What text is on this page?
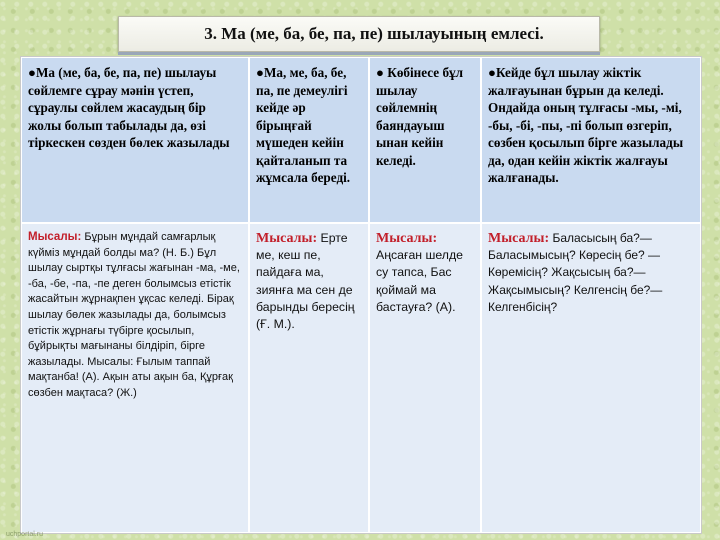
3. Ма (ме, ба, бе, па, пе) шылауының емлесі.
●Ма (ме, ба, бе, па, пе) шылауы сөйлемге сұрау мәнін үстеп, сұраулы сөйлем жасаудың бір жолы болып табылады да, өзі тіркескен сөзден бөлек жазылады
●Ма, ме, ба, бе, па, пе демеулігі кейде әр бірыңғай мүшеден кейін қайталанып та жұмсала береді.
● Көбінесе бұл шылау сөйлемнің баяндауыш ынан кейін келеді.
●Кейде бұл шылау жіктік жалғауынан бұрын да келеді. Ондайда оның тұлғасы -мы, -мі, -бы, -бі, -пы, -пі болып өзгеріп, сөзбен қосылып бірге жазылады да, одан кейін жіктік жалғауы жалғанады.
Мысалы: Бұрын мұндай самғарлық күйміз мұндай болды ма? (Н. Б.) Бұл шылау сыртқы тұлғасы жағынан -ма, -ме, -ба, -бе, -па, -пе деген болымсыз етістік жасайтын жұрнақпен ұқсас келеді. Бірақ шылау бөлек жазылады да, болымсыз етістік жұрнағы түбірге қосылып, бұйрықты мағынаны білдіріп, бірге жазылады. Мысалы: Ғылым таппай мақтанба! (А). Ақын аты ақын ба, Құрғақ сөзбен мақтаса? (Ж.)
Мысалы: Ерте ме, кеш пе, пайдаға ма, зиянға ма сен де барынды бересің (Ғ. М.).
Мысалы: Аңсаған шелде су тапса, Бас қоймай ма бастауға? (А).
Мысалы: Баласысың ба?— Баласымысың? Көресің бе? — Көремісің? Жақсысың ба?— Жақсымысың? Келгенсің бе?— Келгенбісің?
uchportal.ru
